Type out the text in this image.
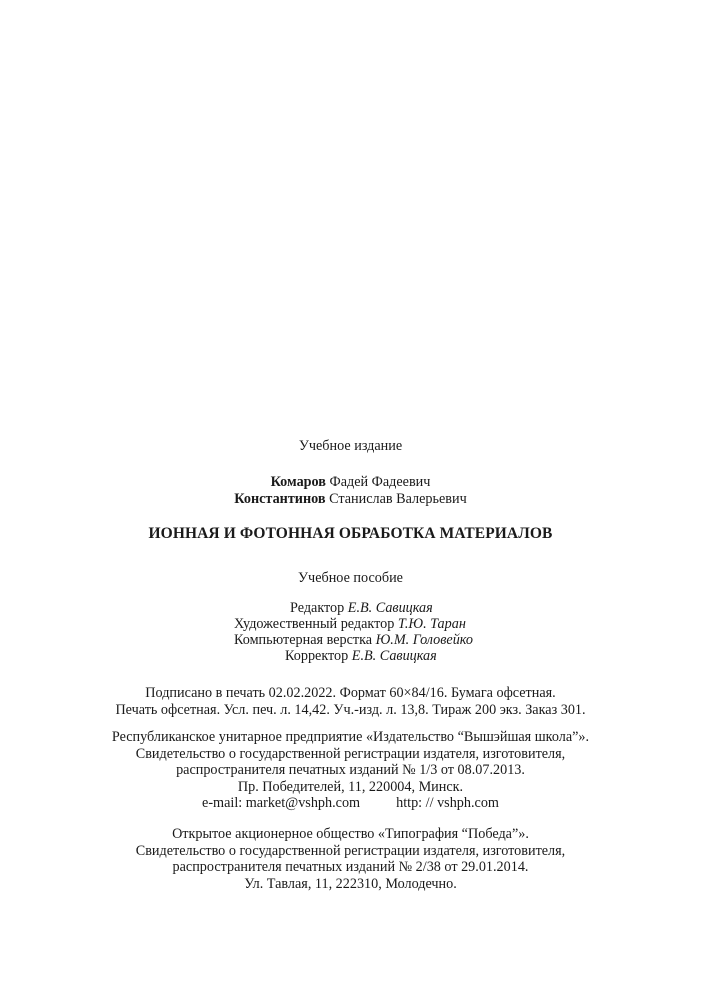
Учебное издание
Комаров Фадей Фадеевич
Константинов Станислав Валерьевич
ИОННАЯ И ФОТОННАЯ ОБРАБОТКА МАТЕРИАЛОВ
Учебное пособие
Редактор Е.В. Савицкая
Художественный редактор Т.Ю. Таран
Компьютерная верстка Ю.М. Головейко
Корректор Е.В. Савицкая
Подписано в печать 02.02.2022. Формат 60×84/16. Бумага офсетная.
Печать офсетная. Усл. печ. л. 14,42. Уч.-изд. л. 13,8. Тираж 200 экз. Заказ 301.
Республиканское унитарное предприятие «Издательство “Вышэйшая школа”».
Свидетельство о государственной регистрации издателя, изготовителя,
распространителя печатных изданий № 1/3 от 08.07.2013.
Пр. Победителей, 11, 220004, Минск.
e-mail: market@vshph.com	http: // vshph.com
Открытое акционерное общество «Типография “Победа”».
Свидетельство о государственной регистрации издателя, изготовителя,
распространителя печатных изданий № 2/38 от 29.01.2014.
Ул. Тавлая, 11, 222310, Молодечно.
